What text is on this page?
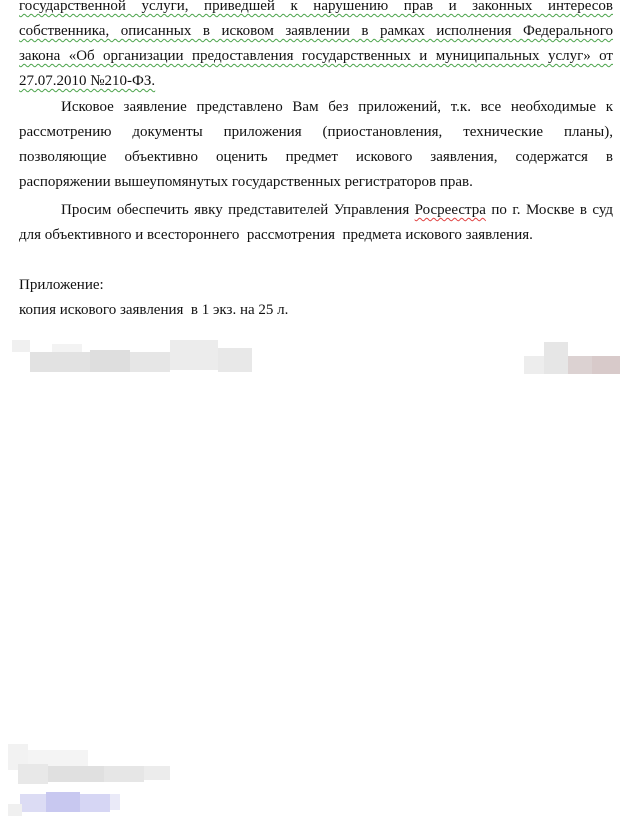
государственной услуги, приведшей к нарушению прав и законных интересов
собственника, описанных в исковом заявлении в рамках исполнения Федерального
закона «Об организации предоставления государственных и муниципальных услуг» от
27.07.2010 №210-ФЗ.
Исковое заявление представлено Вам без приложений, т.к. все необходимые к
рассмотрению документы приложения (приостановления, технические планы),
позволяющие объективно оценить предмет искового заявления, содержатся в
распоряжении вышеупомянутых государственных регистраторов прав.
Просим обеспечить явку представителей Управления Росреестра по г. Москве в суд
для объективного и всестороннего  рассмотрения  предмета искового заявления.
Приложение:
копия искового заявления  в 1 экз. на 25 л.
